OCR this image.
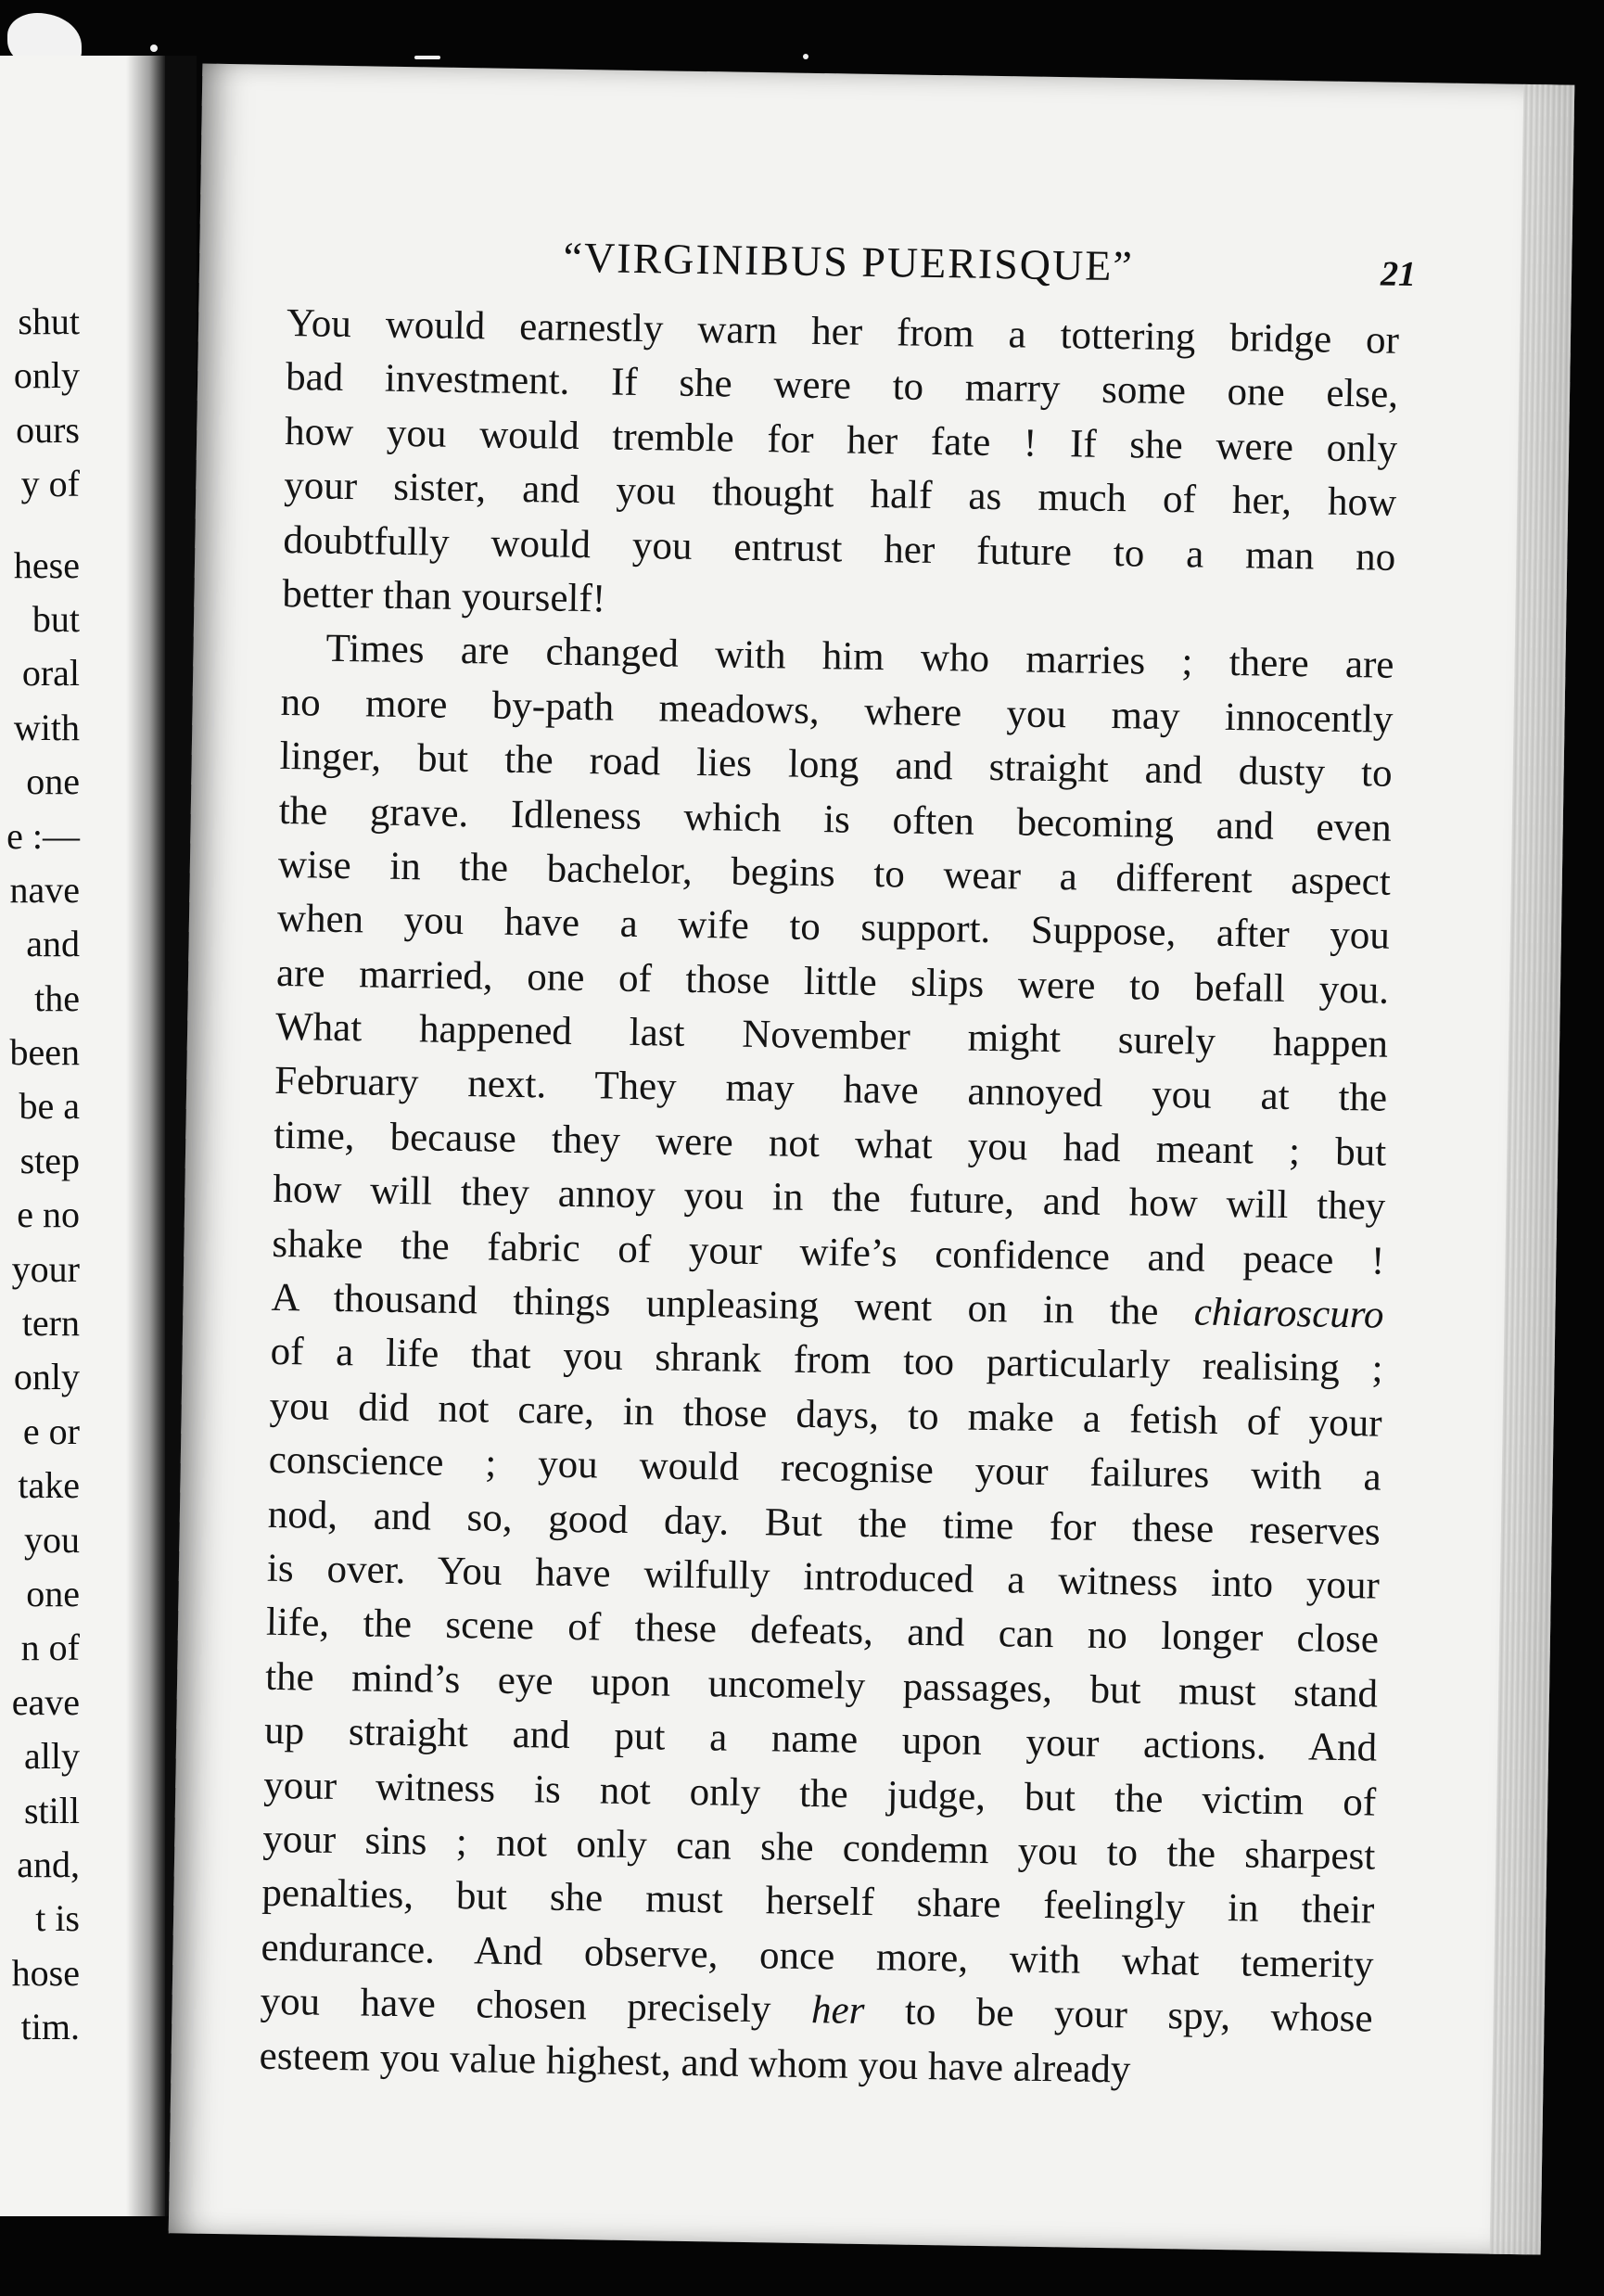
shut
only
ours
y of
hese
but
oral
with
one
e :—
nave
and
the
been
be a
step
e no
your
tern
only
e or
take
you
one
n of
eave
ally
still
and,
t is
hose
tim.
“VIRGINIBUS PUERISQUE”	21
You would earnestly warn her from a tottering bridge or
bad investment. If she were to marry some one else,
how you would tremble for her fate ! If she were only
your sister, and you thought half as much of her, how
doubtfully would you entrust her future to a man no
better than yourself!
Times are changed with him who marries ; there are
no more by-path meadows, where you may innocently
linger, but the road lies long and straight and dusty to
the grave. Idleness which is often becoming and even
wise in the bachelor, begins to wear a different aspect
when you have a wife to support. Suppose, after you
are married, one of those little slips were to befall you.
What happened last November might surely happen
February next. They may have annoyed you at the
time, because they were not what you had meant ; but
how will they annoy you in the future, and how will they
shake the fabric of your wife’s confidence and peace !
A thousand things unpleasing went on in the chiaroscuro
of a life that you shrank from too particularly realising ;
you did not care, in those days, to make a fetish of your
conscience ; you would recognise your failures with a
nod, and so, good day. But the time for these reserves
is over. You have wilfully introduced a witness into your
life, the scene of these defeats, and can no longer close
the mind’s eye upon uncomely passages, but must stand
up straight and put a name upon your actions. And
your witness is not only the judge, but the victim of
your sins ; not only can she condemn you to the sharpest
penalties, but she must herself share feelingly in their
endurance. And observe, once more, with what temerity
you have chosen precisely her to be your spy, whose
esteem you value highest, and whom you have already
